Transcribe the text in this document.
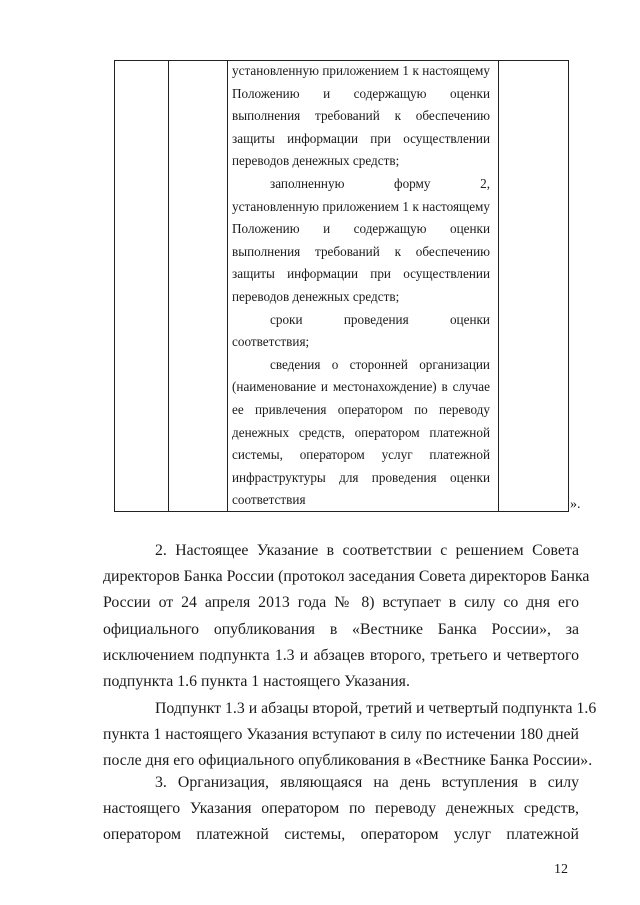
установленную приложением 1 к настоящему

Положению и содержащую оценки

выполнения требований к обеспечению

защиты информации при осуществлении

переводов денежных средств;

заполненную форму 2,

установленную приложением 1 к настоящему

Положению и содержащую оценки

выполнения требований к обеспечению

защиты информации при осуществлении

переводов денежных средств;

сроки проведения оценки

соответствия;

сведения о сторонней организации

(наименование и местонахождение) в случае

ее привлечения оператором по переводу

денежных средств, оператором платежной

системы, оператором услуг платежной

инфраструктуры для проведения оценки

соответствия	».
2. Настоящее Указание в соответствии с решением Совета
директоров Банка России (протокол заседания Совета директоров Банка
России от 24 апреля 2013 года № 8) вступает в силу со дня его
официального опубликования в «Вестнике Банка России», за
исключением подпункта 1.3 и абзацев второго, третьего и четвертого
подпункта 1.6 пункта 1 настоящего Указания.
Подпункт 1.3 и абзацы второй, третий и четвертый подпункта 1.6
пункта 1 настоящего Указания вступают в силу по истечении 180 дней
после дня его официального опубликования в «Вестнике Банка России».
3. Организация, являющаяся на день вступления в силу
настоящего Указания оператором по переводу денежных средств,
оператором платежной системы, оператором услуг платежной
12
